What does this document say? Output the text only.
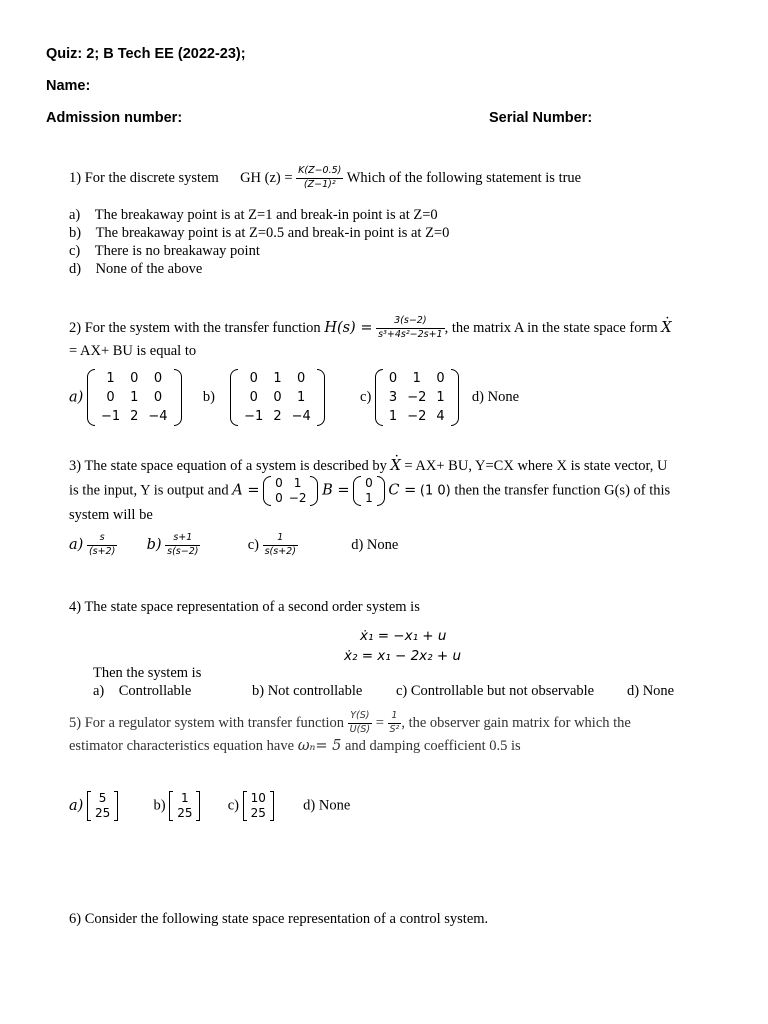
Quiz: 2; B Tech EE (2022-23);
Name:
Admission number:	Serial Number:
1) For the discrete system GH $(z) = \frac{K(Z-0.5)}{\text{(Z−1)²}}$ Which of the following statement is true
a) The breakaway point is at Z=1 and break-in point is at Z=0
b) The breakaway point is at Z=0.5 and break-in point is at Z=0
c) There is no breakaway point
d) None of the above
2) For the system with the transfer function $H(s) = \frac{3(s-2)}{\text{s³+4s²−2s+1}}$ , the matrix A in the state space form X ·
= AX+ BU is equal to
a)
1	0	0
0	1	0
−1	2	−4
b)
0	1	0
0	0	1
−1	2	−4
c)
0	1	0
3	−2	1
1	−2	4
d) None
3) The state space equation of a system is described by X · = AX+ BU, Y=CX where X is state vector, U
is the input, Y is output and A = 0	1
0	−2 B = 0
1 C = (1 0) then the transfer function G(s) of this
system will be
$a) \frac{s}{(s+2)} b) \frac{s+1}{s(s-2)}$	$c) \frac{1}{s(s+2)}$	d) None
4) The state space representation of a second order system is
ẋ₁ = −x₁ + u
ẋ₂ = x₁ − 2x₂ + u
Then the system is
a) Controllable	b) Not controllable c) Controllable but not observable d) None
5) For a regulator system with transfer function $\frac{Y(S)}{U(S)} = \frac{1}{\text{S²}}$ , the observer gain matrix for which the
estimator characteristics equation have ωₙ= 5 and damping coefficient 0.5 is
a) 5
25	b) 1
25 c) 10
25	d) None
6) Consider the following state space representation of a control system.
